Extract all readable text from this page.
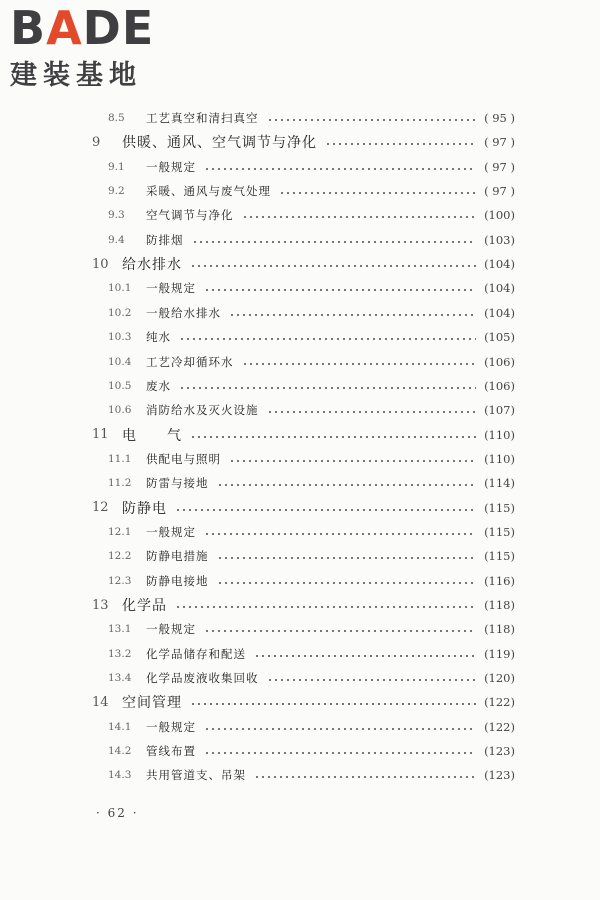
BADE
建装基地
8.5	工艺真空和清扫真空	( 95 )
9	供暖、通风、空气调节与净化	( 97 )
9.1	一般规定	( 97 )
9.2	采暖、通风与废气处理	( 97 )
9.3	空气调节与净化	(100)
9.4	防排烟	(103)
10 给水排水	(104)
10.1	一般规定	(104)
10.2	一般给水排水	(104)
10.3	纯水	(105)
10.4	工艺冷却循环水	(106)
10.5	废水	(106)
10.6	消防给水及灭火设施	(107)
11 电　　气	(110)
11.1	供配电与照明	(110)
11.2	防雷与接地	(114)
12 防静电	(115)
12.1	一般规定	(115)
12.2	防静电措施	(115)
12.3	防静电接地	(116)
13 化学品	(118)
13.1	一般规定	(118)
13.2	化学品储存和配送	(119)
13.4	化学品废液收集回收	(120)
14 空间管理	(122)
14.1	一般规定	(122)
14.2	管线布置	(123)
14.3	共用管道支、吊架	(123)
· 62 ·
